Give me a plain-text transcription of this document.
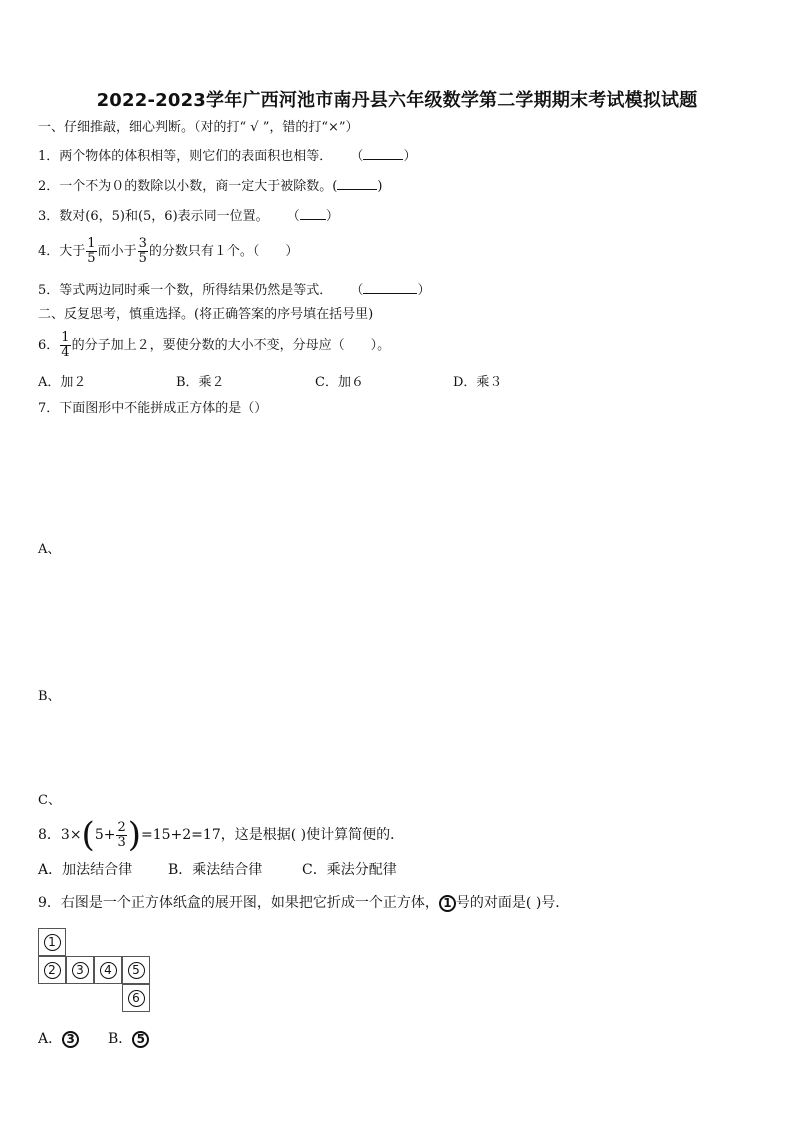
2022-2023学年广西河池市南丹县六年级数学第二学期期末考试模拟试题
一、仔细推敲，细心判断。（对的打“ √ ”，错的打“×”）
1．两个物体的体积相等，则它们的表面积也相等． （	）
2．一个不为０的数除以小数，商一定大于被除数。(	)
3．数对(6，5)和(5，6)表示同一位置。 （ ）
4．大于 $\frac{1}{5}$ 而小于 $\frac{3}{5}$ 的分数只有１个。（　　）
5．等式两边同时乘一个数，所得结果仍然是等式． （	）
二、反复思考，慎重选择。(将正确答案的序号填在括号里)
6． $\frac{1}{4}$ 的分子加上２，要使分数的大小不变，分母应（　　）。
A．加２	B．乘２	C．加６	D．乘３
7．下面图形中不能拼成正方体的是（）
A、
B、
C、
8．$3\times(5+ \frac{2}{3} )=15+2=17$，这是根据( )使计算简便的．
A．加法结合律	B．乘法结合律	C．乘法分配律
9．右图是一个正方体纸盒的展开图，如果把它折成一个正方体， 1 号的对面是( )号．
1
2	3	4	5
6
A． 3	B． 5
